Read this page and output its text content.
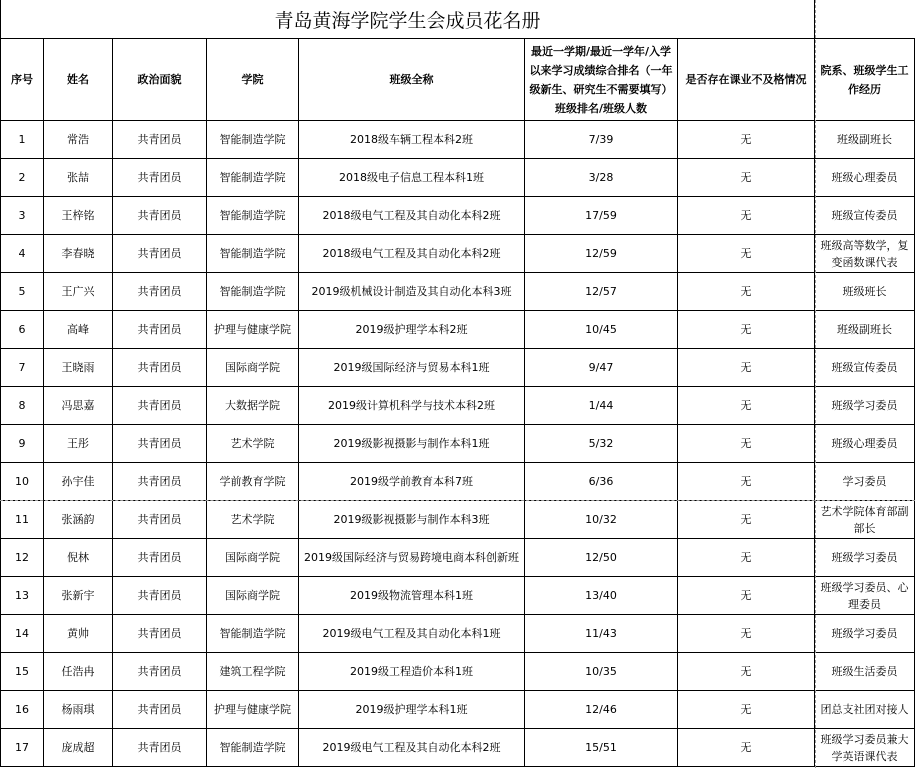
青岛黄海学院学生会成员花名册
序号	姓名	政治面貌	学院	班级全称	最近一学期/最近一学年/入学以来学习成绩综合排名（一年级新生、研究生不需要填写）班级排名/班级人数	是否存在课业不及格情况	院系、班级学生工作经历
1	常浩	共青团员	智能制造学院	2018级车辆工程本科2班	7/39	无	班级副班长
2	张喆	共青团员	智能制造学院	2018级电子信息工程本科1班	3/28	无	班级心理委员
3	王梓铭	共青团员	智能制造学院	2018级电气工程及其自动化本科2班	17/59	无	班级宣传委员
4	李春晓	共青团员	智能制造学院	2018级电气工程及其自动化本科2班	12/59	无	班级高等数学，复变函数课代表
5	王广兴	共青团员	智能制造学院	2019级机械设计制造及其自动化本科3班	12/57	无	班级班长
6	高峰	共青团员	护理与健康学院	2019级护理学本科2班	10/45	无	班级副班长
7	王晓雨	共青团员	国际商学院	2019级国际经济与贸易本科1班	9/47	无	班级宣传委员
8	冯思嘉	共青团员	大数据学院	2019级计算机科学与技术本科2班	1/44	无	班级学习委员
9	王彤	共青团员	艺术学院	2019级影视摄影与制作本科1班	5/32	无	班级心理委员
10	孙宇佳	共青团员	学前教育学院	2019级学前教育本科7班	6/36	无	学习委员
11	张涵韵	共青团员	艺术学院	2019级影视摄影与制作本科3班	10/32	无	艺术学院体育部副部长
12	倪林	共青团员	国际商学院	2019级国际经济与贸易跨境电商本科创新班	12/50	无	班级学习委员
13	张新宇	共青团员	国际商学院	2019级物流管理本科1班	13/40	无	班级学习委员、心理委员
14	黄帅	共青团员	智能制造学院	2019级电气工程及其自动化本科1班	11/43	无	班级学习委员
15	任浩冉	共青团员	建筑工程学院	2019级工程造价本科1班	10/35	无	班级生活委员
16	杨雨琪	共青团员	护理与健康学院	2019级护理学本科1班	12/46	无	团总支社团对接人
17	庞成超	共青团员	智能制造学院	2019级电气工程及其自动化本科2班	15/51	无	班级学习委员兼大学英语课代表
